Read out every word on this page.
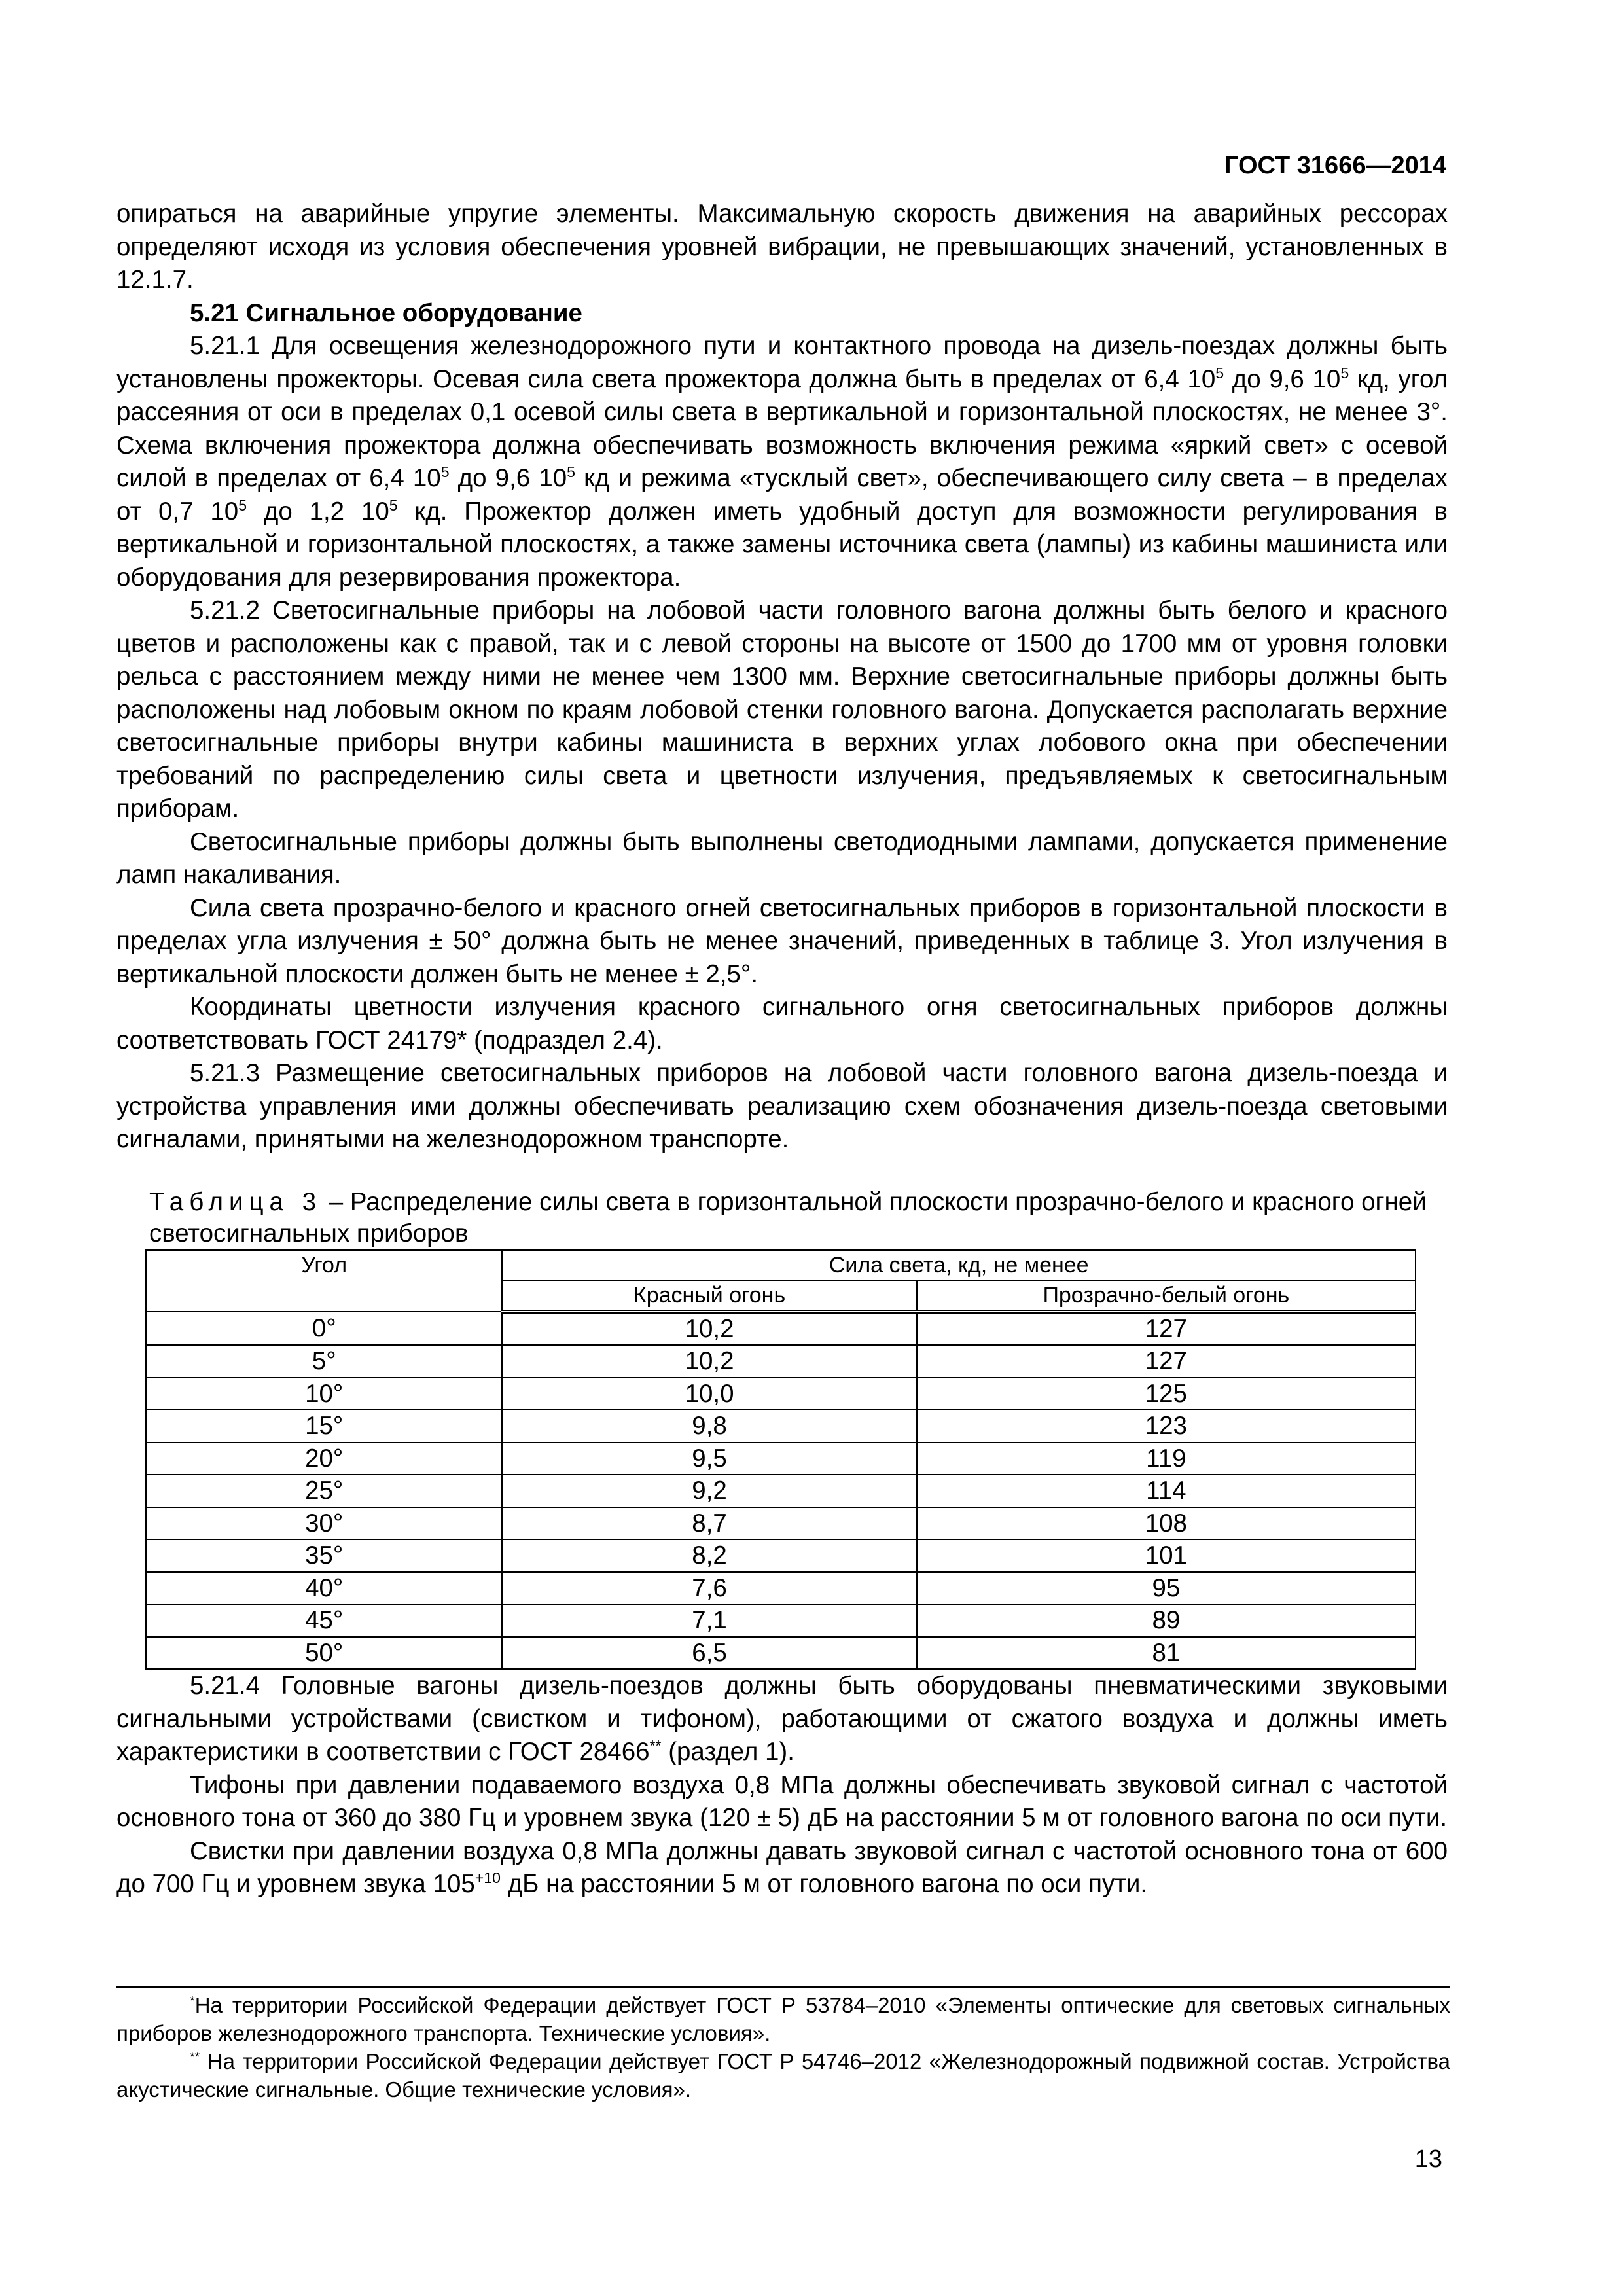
ГОСТ 31666—2014

опираться на аварийные упругие элементы. Максимальную скорость движения на аварийных рессорах определяют исходя из условия обеспечения уровней вибрации, не превышающих значений, установленных в 12.1.7.

5.21 Сигнальное оборудование

5.21.1 Для освещения железнодорожного пути и контактного провода на дизель-поездах должны быть установлены прожекторы. Осевая сила света прожектора должна быть в пределах от 6,4 $10^5$ до 9,6 $10^5$ кд, угол рассеяния от оси в пределах 0,1 осевой силы света в вертикальной и горизонтальной плоскостях, не менее 3°. Схема включения прожектора должна обеспечивать возможность включения режима «яркий свет» с осевой силой в пределах от 6,4 $10^5$ до 9,6 $10^5$ кд и режима «тусклый свет», обеспечивающего силу света – в пределах от 0,7 $10^5$ до 1,2 $10^5$ кд. Прожектор должен иметь удобный доступ для возможности регулирования в вертикальной и горизонтальной плоскостях, а также замены источника света (лампы) из кабины машиниста или оборудования для резервирования прожектора.

5.21.2 Светосигнальные приборы на лобовой части головного вагона должны быть белого и красного цветов и расположены как с правой, так и с левой стороны на высоте от 1500 до 1700 мм от уровня головки рельса с расстоянием между ними не менее чем 1300 мм. Верхние светосигнальные приборы должны быть расположены над лобовым окном по краям лобовой стенки головного вагона. Допускается располагать верхние светосигнальные приборы внутри кабины машиниста в верхних углах лобового окна при обеспечении требований по распределению силы света и цветности излучения, предъявляемых к светосигнальным приборам.

Светосигнальные приборы должны быть выполнены светодиодными лампами, допускается применение ламп накаливания.

Сила света прозрачно-белого и красного огней светосигнальных приборов в горизонтальной плоскости в пределах угла излучения ± 50° должна быть не менее значений, приведенных в таблице 3. Угол излучения в вертикальной плоскости должен быть не менее ± 2,5°.

Координаты цветности излучения красного сигнального огня светосигнальных приборов должны соответствовать ГОСТ 24179* (подраздел 2.4).

5.21.3 Размещение светосигнальных приборов на лобовой части головного вагона дизель-поезда и устройства управления ими должны обеспечивать реализацию схем обозначения дизель-поезда световыми сигналами, принятыми на железнодорожном транспорте.

Таблица 3 – Распределение силы света в горизонтальной плоскости прозрачно-белого и красного огней светосигнальных приборов
Угол	Сила света, кд, не менее	
	Красный огонь	Прозрачно-белый огонь
0°	10,2	127
5°	10,2	127
10°	10,0	125
15°	9,8	123
20°	9,5	119
25°	9,2	114
30°	8,7	108
35°	8,2	101
40°	7,6	95
45°	7,1	89
50°	6,5	81

5.21.4 Головные вагоны дизель-поездов должны быть оборудованы пневматическими звуковыми сигнальными устройствами (свистком и тифоном), работающими от сжатого воздуха и должны иметь характеристики в соответствии с ГОСТ 28466** (раздел 1).

Тифоны при давлении подаваемого воздуха 0,8 МПа должны обеспечивать звуковой сигнал с частотой основного тона от 360 до 380 Гц и уровнем звука (120 ± 5) дБ на расстоянии 5 м от головного вагона по оси пути.

Свистки при давлении воздуха 0,8 МПа должны давать звуковой сигнал с частотой основного тона от 600 до 700 Гц и уровнем звука $105^{+10}$ дБ на расстоянии 5 м от головного вагона по оси пути.

*На территории Российской Федерации действует ГОСТ Р 53784–2010 «Элементы оптические для световых сигнальных приборов железнодорожного транспорта. Технические условия».

** На территории Российской Федерации действует ГОСТ Р 54746–2012 «Железнодорожный подвижной состав. Устройства акустические сигнальные. Общие технические условия».

13
